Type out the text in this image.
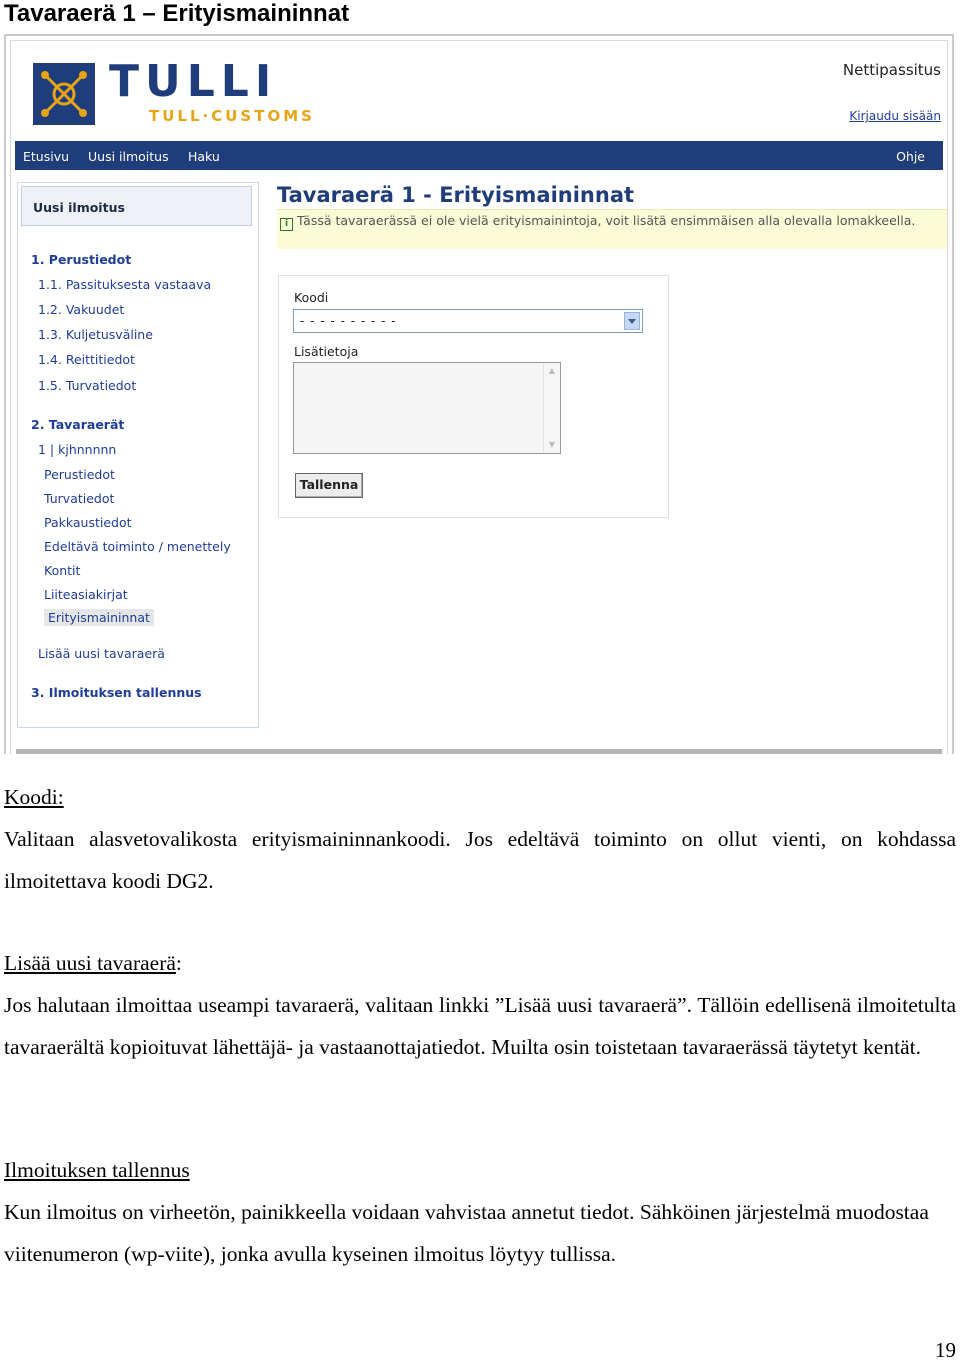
Tavaraerä 1 – Erityismaininnat
TULLI
TULL·CUSTOMS
Nettipassitus
Kirjaudu sisään
Etusivu Uusi ilmoitus Haku	Ohje
Uusi ilmoitus
1. Perustiedot
1.1. Passituksesta vastaava
1.2. Vakuudet
1.3. Kuljetusväline
1.4. Reittitiedot
1.5. Turvatiedot
2. Tavaraerät
1 | kjhnnnnn
Perustiedot
Turvatiedot
Pakkaustiedot
Edeltävä toiminto / menettely
Kontit
Liiteasiakirjat
Erityismaininnat
Lisää uusi tavaraerä
3. Ilmoituksen tallennus
Tavaraerä 1 - Erityismaininnat
i Tässä tavaraerässä ei ole vielä erityismainintoja, voit lisätä ensimmäisen alla olevalla lomakkeella.
Koodi
- - - - - - - - - -
Lisätietoja
▲
▼
Tallenna

Koodi:

Valitaan alasvetovalikosta erityismaininnankoodi. Jos edeltävä toiminto on ollut vienti, on kohdassa ilmoitettava koodi DG2.

Lisää uusi tavaraerä:

Jos halutaan ilmoittaa useampi tavaraerä, valitaan linkki ”Lisää uusi tavaraerä”. Tällöin edellisenä ilmoitetulta tavaraerältä kopioituvat lähettäjä- ja vastaanottajatiedot. Muilta osin toistetaan tavaraerässä täytetyt kentät.

Ilmoituksen tallennus

Kun ilmoitus on virheetön, painikkeella voidaan vahvistaa annetut tiedot. Sähköinen järjestelmä muodostaa viitenumeron (wp-viite), jonka avulla kyseinen ilmoitus löytyy tullissa.

19
